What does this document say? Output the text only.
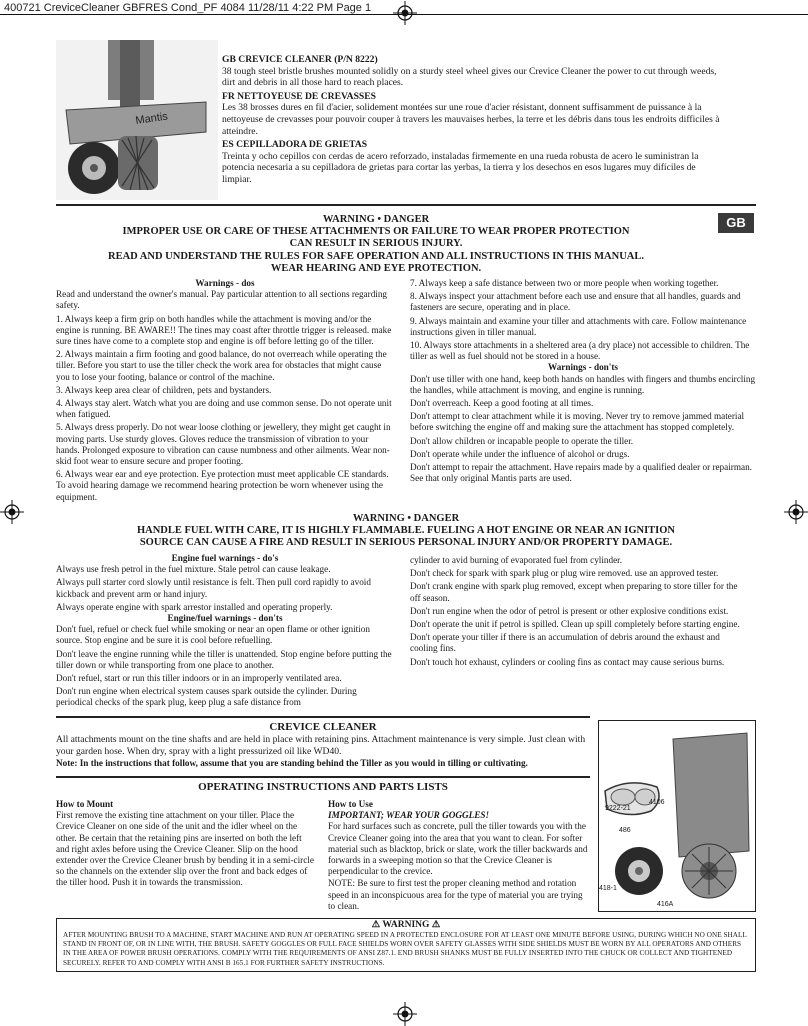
400721 CreviceCleaner GBFRES Cond_PF 4084 11/28/11 4:22 PM Page 1
Mantis
GB CREVICE CLEANER (P/N 8222)
38 tough steel bristle brushes mounted solidly on a sturdy steel wheel gives our Crevice Cleaner the power to cut through weeds, dirt and debris in all those hard to reach places.
FR NETTOYEUSE DE CREVASSES
Les 38 brosses dures en fil d'acier, solidement montées sur une roue d'acier résistant, donnent suffisamment de puissance à la nettoyeuse de crevasses pour pouvoir couper à travers les mauvaises herbes, la terre et les débris dans tous les endroits difficiles à atteindre.
ES CEPILLADORA DE GRIETAS
Treinta y ocho cepillos con cerdas de acero reforzado, instaladas firmemente en una rueda robusta de acero le suministran la potencia necesaria a su cepilladora de grietas para cortar las yerbas, la tierra y los desechos en esos lugares muy difíciles de limpiar.
GB
WARNING • DANGER
IMPROPER USE OR CARE OF THESE ATTACHMENTS OR FAILURE TO WEAR PROPER PROTECTION
CAN RESULT IN SERIOUS INJURY.
READ AND UNDERSTAND THE RULES FOR SAFE OPERATION AND ALL INSTRUCTIONS IN THIS MANUAL.
WEAR HEARING AND EYE PROTECTION.
Warnings - dos
Read and understand the owner's manual. Pay particular attention to all sections regarding safety.
1. Always keep a firm grip on both handles while the attachment is moving and/or the engine is running. BE AWARE!! The tines may coast after throttle trigger is released. make sure tines have come to a complete stop and engine is off before letting go of the tiller.
2. Always maintain a firm footing and good balance, do not overreach while operating the tiller. Before you start to use the tiller check the work area for obstacles that might cause you to lose your footing, balance or control of the machine.
3. Always keep area clear of children, pets and bystanders.
4. Always stay alert. Watch what you are doing and use common sense. Do not operate unit when fatigued.
5. Always dress properly. Do not wear loose clothing or jewellery, they might get caught in moving parts. Use sturdy gloves. Gloves reduce the transmission of vibration to your hands. Prolonged exposure to vibration can cause numbness and other ailments. Wear non-skid foot wear to ensure secure and proper footing.
6. Always wear ear and eye protection. Eye protection must meet applicable CE standards. To avoid hearing damage we recommend hearing protection be worn whenever using the equipment.
7. Always keep a safe distance between two or more people when working together.
8. Always inspect your attachment before each use and ensure that all handles, guards and fasteners are secure, operating and in place.
9. Always maintain and examine your tiller and attachments with care. Follow maintenance instructions given in tiller manual.
10. Always store attachments in a sheltered area (a dry place) not accessible to children. The tiller as well as fuel should not be stored in a house.
Warnings - don'ts
Don't use tiller with one hand, keep both hands on handles with fingers and thumbs encircling the handles, while attachment is moving, and engine is running.
Don't overreach. Keep a good footing at all times.
Don't attempt to clear attachment while it is moving. Never try to remove jammed material before switching the engine off and making sure the attachment has stopped completely.
Don't allow children or incapable people to operate the tiller.
Don't operate while under the influence of alcohol or drugs.
Don't attempt to repair the attachment. Have repairs made by a qualified dealer or repairman. See that only original Mantis parts are used.
WARNING • DANGER
HANDLE FUEL WITH CARE, IT IS HIGHLY FLAMMABLE. FUELING A HOT ENGINE OR NEAR AN IGNITION
SOURCE CAN CAUSE A FIRE AND RESULT IN SERIOUS PERSONAL INJURY AND/OR PROPERTY DAMAGE.
Engine fuel warnings - do's
Always use fresh petrol in the fuel mixture. Stale petrol can cause leakage.
Always pull starter cord slowly until resistance is felt. Then pull cord rapidly to avoid kickback and prevent arm or hand injury.
Always operate engine with spark arrestor installed and operating properly.
Engine/fuel warnings - don'ts
Don't fuel, refuel or check fuel while smoking or near an open flame or other ignition source. Stop engine and be sure it is cool before refuelling.
Don't leave the engine running while the tiller is unattended. Stop engine before putting the tiller down or while transporting from one place to another.
Don't refuel, start or run this tiller indoors or in an improperly ventilated area.
Don't run engine when electrical system causes spark outside the cylinder. During periodical checks of the spark plug, keep plug a safe distance from
cylinder to avid burning of evaporated fuel from cylinder.
Don't check for spark with spark plug or plug wire removed. use an approved tester.
Don't crank engine with spark plug removed, except when preparing to store tiller for the off season.
Don't run engine when the odor of petrol is present or other explosive conditions exist.
Don't operate the unit if petrol is spilled. Clean up spill completely before starting engine.
Don't operate your tiller if there is an accumulation of debris around the exhaust and cooling fins.
Don't touch hot exhaust, cylinders or cooling fins as contact may cause serious burns.
CREVICE CLEANER
All attachments mount on the tine shafts and are held in place with retaining pins. Attachment maintenance is very simple. Just clean with your garden hose. When dry, spray with a light pressurized oil like WD40.
Note: In the instructions that follow, assume that you are standing behind the Tiller as you would in tilling or cultivating.
OPERATING INSTRUCTIONS AND PARTS LISTS
How to Mount
First remove the existing tine attachment on your tiller. Place the Crevice Cleaner on one side of the unit and the idler wheel on the other. Be certain that the retaining pins are inserted on both the left and right axles before using the Crevice Cleaner. Slip on the hood extender over the Crevice Cleaner brush by bending it in a semi-circle so the channels on the extender slip over the front and back edges of the tiller hood. Push it in towards the transmission.
How to Use
IMPORTANT; WEAR YOUR GOGGLES!
For hard surfaces such as concrete, pull the tiller towards you with the Crevice Cleaner going into the area that you want to clean. For softer material such as blacktop, brick or slate, work the tiller backwards and forwards in a sweeping motion so that the Crevice Cleaner is perpendicular to the crevice.
NOTE: Be sure to first test the proper cleaning method and rotation speed in an inconspicuous area for the type of material you are trying to clean.
9222-21
4106
486
418-1
416A
⚠ WARNING ⚠
AFTER MOUNTING BRUSH TO A MACHINE, START MACHINE AND RUN AT OPERATING SPEED IN A PROTECTED ENCLOSURE FOR AT LEAST ONE MINUTE BEFORE USING, DURING WHICH NO ONE SHALL STAND IN FRONT OF, OR IN LINE WITH, THE BRUSH. SAFETY GOGGLES OR FULL FACE SHIELDS WORN OVER SAFETY GLASSES WITH SIDE SHIELDS MUST BE WORN BY ALL OPERATORS AND OTHERS IN THE AREA OF POWER BRUSH OPERATIONS. COMPLY WITH THE REQUIREMENTS OF ANSI Z87.1. END BRUSH SHANKS MUST BE FULLY INSERTED INTO THE CHUCK OR COLLECT AND TIGHTENED SECURELY. REFER TO AND COMPLY WITH ANSI B 165.1 FOR FURTHER SAFETY INSTRUCTIONS.
